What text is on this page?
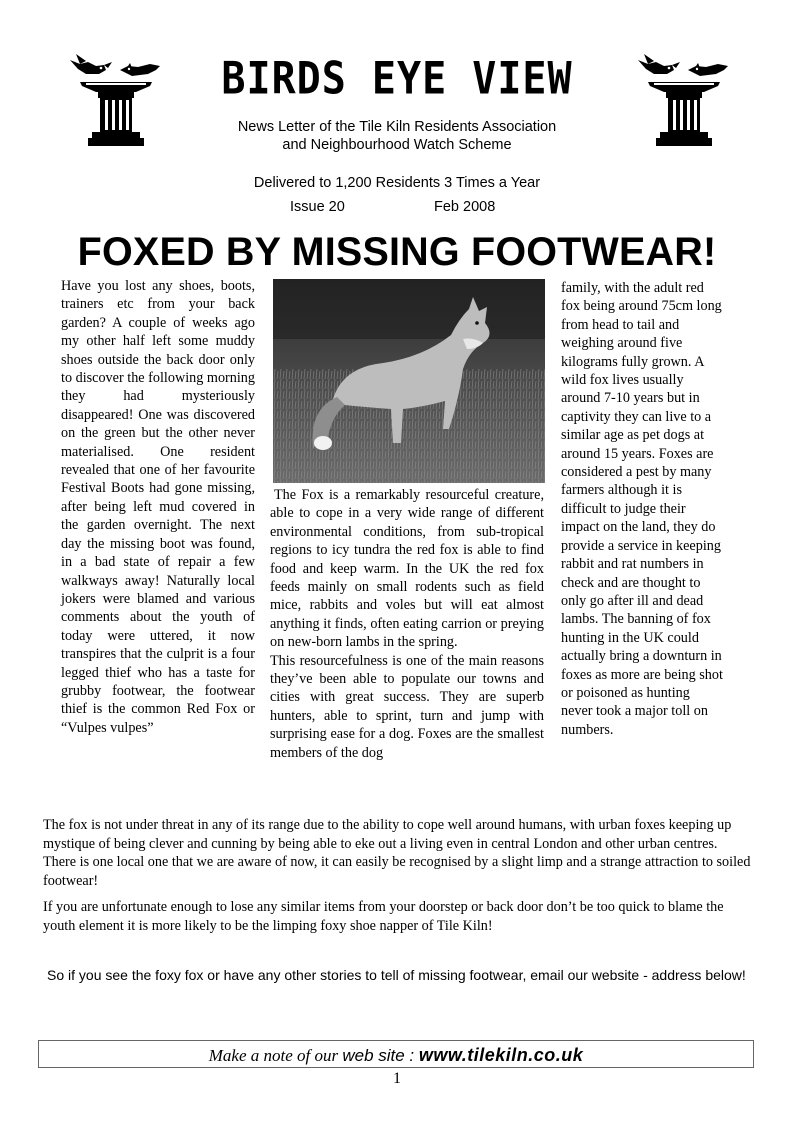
BIRDS EYE VIEW
News Letter of the Tile Kiln Residents Association
and Neighbourhood Watch Scheme
Delivered to 1,200 Residents 3 Times a Year
Issue 20	Feb 2008
FOXED BY MISSING FOOTWEAR!

Have you lost any shoes, boots, trainers etc from your back garden? A couple of weeks ago my other half left some muddy shoes outside the back door only to discover the following morning they had mysteriously disappeared! One was discovered on the green but the other never materialised. One resident revealed that one of her favourite Festival Boots had gone missing, after being left mud covered in the garden overnight. The next day the missing boot was found, in a bad state of repair a few walkways away! Naturally local jokers were blamed and various comments about the youth of today were uttered, it now transpires that the culprit is a four legged thief who has a taste for grubby footwear, the footwear thief is the common Red Fox or “Vulpes vulpes”

The Fox is a remarkably resourceful creature, able to cope in a very wide range of different environmental conditions, from sub-tropical regions to icy tundra the red fox is able to find food and keep warm. In the UK the red fox feeds mainly on small rodents such as field mice, rabbits and voles but will eat almost anything it finds, often eating carrion or preying on new-born lambs in the spring.

This resourcefulness is one of the main reasons they’ve been able to populate our towns and cities with great success. They are superb hunters, able to sprint, turn and jump with surprising ease for a dog. Foxes are the smallest members of the dog

family, with the adult red fox being around 75cm long from head to tail and weighing around five kilograms fully grown. A wild fox lives usually around 7-10 years but in captivity they can live to a similar age as pet dogs at around 15 years. Foxes are considered a pest by many farmers although it is difficult to judge their impact on the land, they do provide a service in keeping rabbit and rat numbers in check and are thought to only go after ill and dead lambs. The banning of fox hunting in the UK could actually bring a downturn in foxes as more are being shot or poisoned as hunting never took a major toll on numbers.

The fox is not under threat in any of its range due to the ability to cope well around humans, with urban foxes keeping up mystique of being clever and cunning by being able to eke out a living even in central London and other urban centres. There is one local one that we are aware of now, it can easily be recognised by a slight limp and a strange attraction to soiled footwear!

If you are unfortunate enough to lose any similar items from your doorstep or back door don’t be too quick to blame the youth element it is more likely to be the limping foxy shoe napper of Tile Kiln!

So if you see the foxy fox or have any other stories to tell of missing footwear, email our website - address below!
Make a note of our web site : www.tilekiln.co.uk
1
